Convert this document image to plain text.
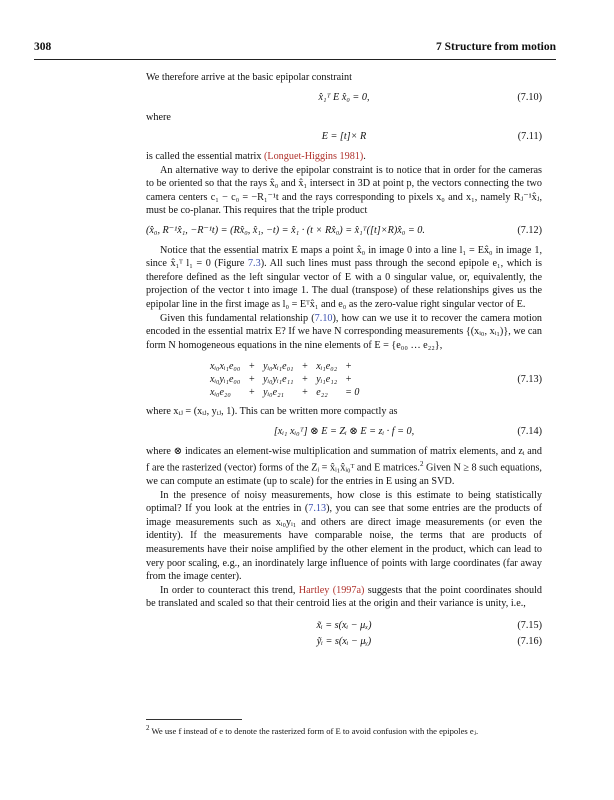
308	7 Structure from motion

We therefore arrive at the basic epipolar constraint

x̂₁ᵀ E x̂₀ = 0,	(7.10)

where

E = [t]× R	(7.11)

is called the essential matrix (Longuet-Higgins 1981).

An alternative way to derive the epipolar constraint is to notice that in order for the cameras to be oriented so that the rays x̂₀ and x̂₁ intersect in 3D at point p, the vectors connecting the two camera centers c₁ − c₀ = −R₁⁻¹t and the rays corresponding to pixels x₀ and x₁, namely Rⱼ⁻¹x̂ⱼ, must be co-planar. This requires that the triple product

(x̂₀, R⁻¹x̂₁, −R⁻¹t) = (Rx̂₀, x̂₁, −t) = x̂₁ · (t × Rx̂₀) = x̂₁ᵀ([t]×R)x̂₀ = 0.	(7.12)

Notice that the essential matrix E maps a point x̂₀ in image 0 into a line l₁ = Ex̂₀ in image 1, since x̂₁ᵀ l₁ = 0 (Figure 7.3). All such lines must pass through the second epipole e₁, which is therefore defined as the left singular vector of E with a 0 singular value, or, equivalently, the projection of the vector t into image 1. The dual (transpose) of these relationships gives us the epipolar line in the first image as l₀ = Eᵀx̂₁ and e₀ as the zero-value right singular vector of E.

Given this fundamental relationship (7.10), how can we use it to recover the camera motion encoded in the essential matrix E? If we have N corresponding measurements {(xᵢ₀, xᵢ₁)}, we can form N homogeneous equations in the nine elements of E = {e₀₀ … e₂₂},

xᵢ₀xᵢ₁e₀₀	+	yᵢ₀xᵢ₁e₀₁	+	xᵢ₁e₀₂	+
xᵢ₀yᵢ₁e₀₀	+	yᵢ₀yᵢ₁e₁₁	+	yᵢ₁e₁₂	+
xᵢ₀e₂₀	+	yᵢ₀e₂₁	+	e₂₂	= 0
(7.13)

where xᵢⱼ = (xᵢⱼ, yᵢⱼ, 1). This can be written more compactly as

[xᵢ₁ xᵢ₀ᵀ] ⊗ E = Zᵢ ⊗ E = zᵢ · f = 0,	(7.14)

where ⊗ indicates an element-wise multiplication and summation of matrix elements, and zᵢ and f are the rasterized (vector) forms of the Zᵢ = x̂ᵢ₁x̂ᵢ₀ᵀ and E matrices.$^2$ Given N ≥ 8 such equations, we can compute an estimate (up to scale) for the entries in E using an SVD.

In the presence of noisy measurements, how close is this estimate to being statistically optimal? If you look at the entries in (7.13), you can see that some entries are the products of image measurements such as xᵢ₀yᵢ₁ and others are direct image measurements (or even the identity). If the measurements have comparable noise, the terms that are products of measurements have their noise amplified by the other element in the product, which can lead to very poor scaling, e.g., an inordinately large influence of points with large coordinates (far away from the image center).

In order to counteract this trend, Hartley (1997a) suggests that the point coordinates should be translated and scaled so that their centroid lies at the origin and their variance is unity, i.e.,

x̃ᵢ = s(xᵢ − μₓ)	(7.15)
ỹᵢ = s(xᵢ − μᵧ)	(7.16)
$^2$ We use f instead of e to denote the rasterized form of E to avoid confusion with the epipoles eⱼ.
